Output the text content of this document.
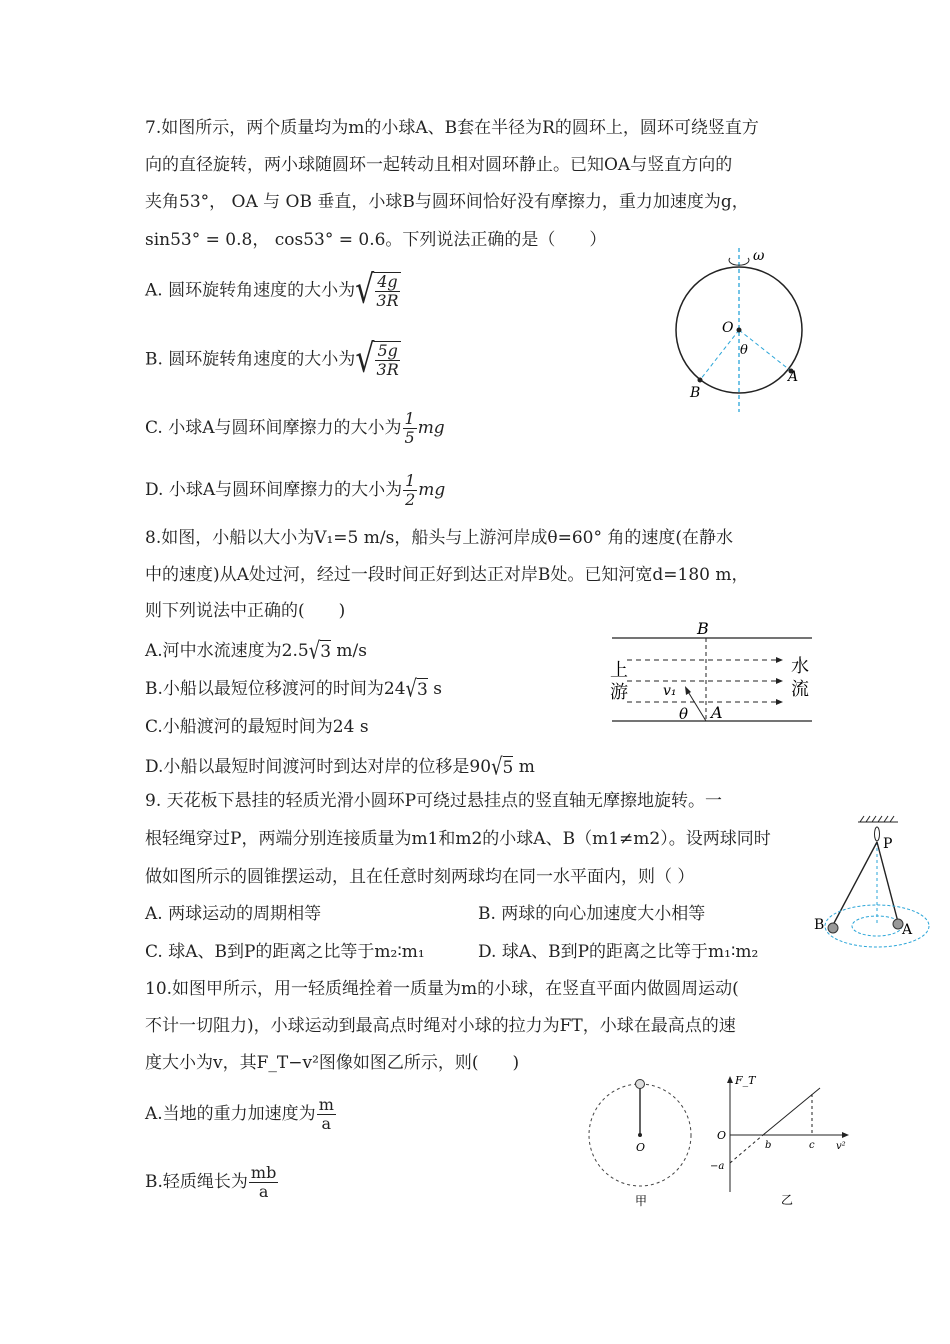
7.如图所示，两个质量均为m的小球A、B套在半径为R的圆环上，圆环可绕竖直方
向的直径旋转，两小球随圆环一起转动且相对圆环静止。已知OA与竖直方向的
夹角53°， OA 与 OB 垂直，小球B与圆环间恰好没有摩擦力，重力加速度为g，
sin53° = 0.8， cos53° = 0.6。下列说法正确的是（　　）
A. 圆环旋转角速度的大小为 √ $\frac{4g}{3R}$
B. 圆环旋转角速度的大小为 √ $\frac{5g}{3R}$
C. 小球A与圆环间摩擦力的大小为 $\frac{1}{5}$ mg
D. 小球A与圆环间摩擦力的大小为 $\frac{1}{2}$ mg
ω
O
θ
A
B
8.如图，小船以大小为V₁=5 m/s，船头与上游河岸成θ=60° 角的速度(在静水
中的速度)从A处过河，经过一段时间正好到达正对岸B处。已知河宽d=180 m，
则下列说法中正确的(　　)
A.河中水流速度为2.5 √ 3 m/s
B.小船以最短位移渡河的时间为24 √ 3 s
C.小船渡河的最短时间为24 s
D.小船以最短时间渡河时到达对岸的位移是90 √ 5 m
B
A
上
游
水
流
v₁
θ
9. 天花板下悬挂的轻质光滑小圆环P可绕过悬挂点的竖直轴无摩擦地旋转。一
根轻绳穿过P，两端分别连接质量为m1和m2的小球A、B（m1≠m2）。设两球同时
做如图所示的圆锥摆运动，且在任意时刻两球均在同一水平面内，则（ ）
A. 两球运动的周期相等	B. 两球的向心加速度大小相等
C. 球A、B到P的距离之比等于m₂∶m₁	D. 球A、B到P的距离之比等于m₁∶m₂
P
B	A
10.如图甲所示，用一轻质绳拴着一质量为m的小球，在竖直平面内做圆周运动(
不计一切阻力)，小球运动到最高点时绳对小球的拉力为FT，小球在最高点的速
度大小为v，其F_T−v²图像如图乙所示，则(　　)
A.当地的重力加速度为 $\frac{m}{a}$
B.轻质绳长为 $\frac{mb}{a}$
O
甲
F_T
O
−a
b	c v²
乙
